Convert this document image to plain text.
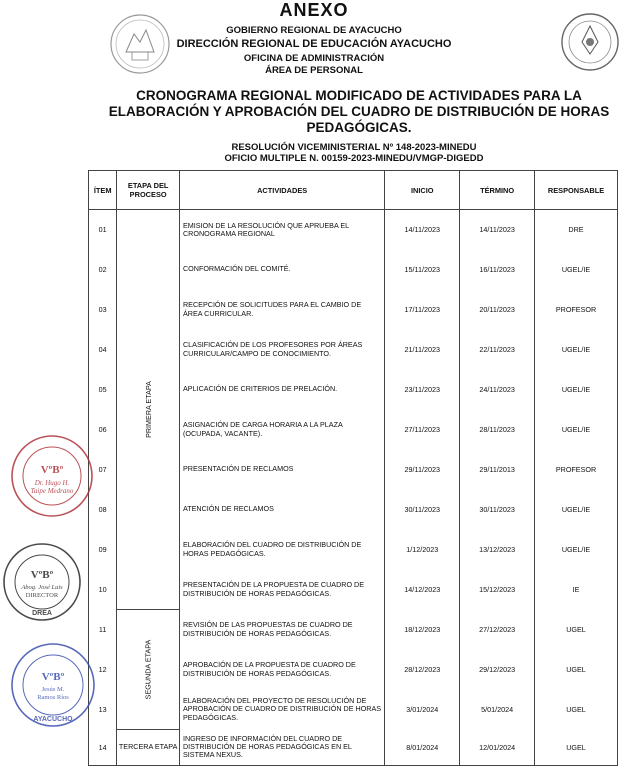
ANEXO
GOBIERNO REGIONAL DE AYACUCHO
DIRECCIÓN REGIONAL DE EDUCACIÓN AYACUCHO
OFICINA DE ADMINISTRACIÓN
ÁREA DE PERSONAL
CRONOGRAMA REGIONAL MODIFICADO DE ACTIVIDADES PARA LA ELABORACIÓN Y APROBACIÓN DEL CUADRO DE DISTRIBUCIÓN DE HORAS PEDAGÓGICAS.
RESOLUCIÓN VICEMINISTERIAL Nº 148-2023-MINEDU
OFICIO MULTIPLE N. 00159-2023-MINEDU/VMGP-DIGEDD
ÍTEM	ETAPA DEL PROCESO	ACTIVIDADES	INICIO	TÉRMINO	RESPONSABLE
01	PRIMERA ETAPA	EMISION DE LA RESOLUCIÓN QUE APRUEBA EL CRONOGRAMA REGIONAL	14/11/2023	14/11/2023	DRE
02		CONFORMACIÓN DEL COMITÉ.	15/11/2023	16/11/2023	UGEL/IE
03		RECEPCIÓN DE SOLICITUDES PARA EL CAMBIO DE ÁREA CURRICULAR.	17/11/2023	20/11/2023	PROFESOR
04		CLASIFICACIÓN DE LOS PROFESORES POR ÁREAS CURRICULAR/CAMPO DE CONOCIMIENTO.	21/11/2023	22/11/2023	UGEL/IE
05		APLICACIÓN DE CRITERIOS DE PRELACIÓN.	23/11/2023	24/11/2023	UGEL/IE
06		ASIGNACIÓN DE CARGA HORARIA A LA PLAZA (OCUPADA, VACANTE).	27/11/2023	28/11/2023	UGEL/IE
07		PRESENTACIÓN DE RECLAMOS	29/11/2023	29/11/2013	PROFESOR
08		ATENCIÓN DE RECLAMOS	30/11/2023	30/11/2023	UGEL/IE
09		ELABORACIÓN DEL CUADRO DE DISTRIBUCIÓN DE HORAS PEDAGÓGICAS.	1/12/2023	13/12/2023	UGEL/IE
10		PRESENTACIÓN DE LA PROPUESTA DE CUADRO DE DISTRIBUCIÓN DE HORAS PEDAGÓGICAS.	14/12/2023	15/12/2023	IE
11	SEGUNDA ETAPA	REVISIÓN DE LAS PROPUESTAS DE CUADRO DE DISTRIBUCIÓN DE HORAS PEDAGÓGICAS.	18/12/2023	27/12/2023	UGEL
12		APROBACIÓN DE LA PROPUESTA DE CUADRO DE DISTRIBUCIÓN DE HORAS PEDAGÓGICAS.	28/12/2023	29/12/2023	UGEL
13		ELABORACIÓN DEL PROYECTO DE RESOLUCIÓN DE APROBACIÓN DE CUADRO DE DISTRIBUCIÓN DE HORAS PEDAGÓGICAS.	3/01/2024	5/01/2024	UGEL
14	TERCERA ETAPA	INGRESO DE INFORMACIÓN DEL CUADRO DE DISTRIBUCIÓN DE HORAS PEDAGÓGICAS EN EL SISTEMA NEXUS.	8/01/2024	12/01/2024	UGEL
VºBº
Dr. Hugo H.
Taipe Medrano
VºBº
Abog. José Luis
DIRECTOR
DREA
VºBº
Jesús M.
Ramos Ríos
AYACUCHO
